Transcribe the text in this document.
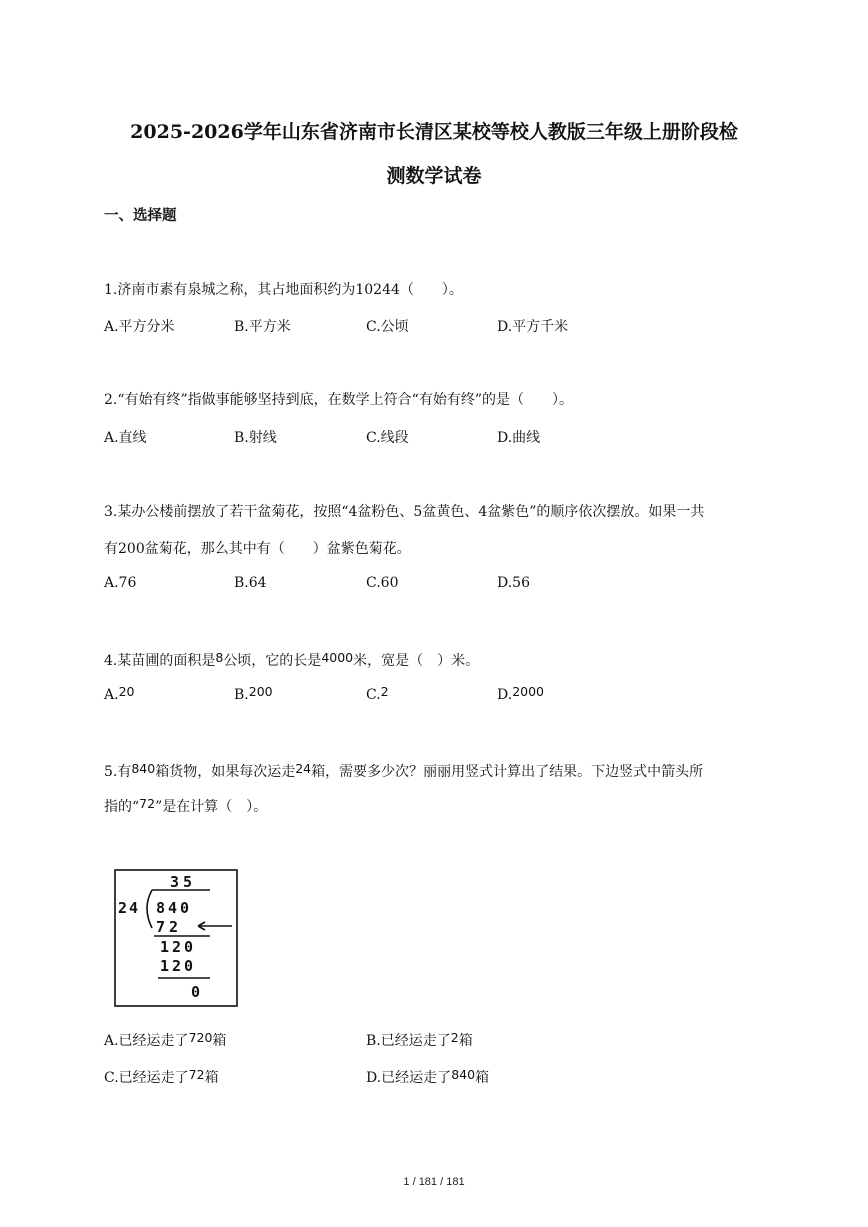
2025-2026学年山东省济南市长清区某校等校人教版三年级上册阶段检
测数学试卷
一、选择题
1.济南市素有泉城之称，其占地面积约为10244（　　）。
A.平方分米	B.平方米	C.公顷	D.平方千米
2.“有始有终”指做事能够坚持到底，在数学上符合“有始有终”的是（　　）。
A.直线	B.射线	C.线段	D.曲线
3.某办公楼前摆放了若干盆菊花，按照“4盆粉色、5盆黄色、4盆紫色”的顺序依次摆放。如果一共
有200盆菊花，那么其中有（　　）盆紫色菊花。
A.76	B.64	C.60	D.56
4.某苗圃的面积是8公顷，它的长是4000米，宽是（　）米。
A.20	B.200	C.2	D.2000
5.有840箱货物，如果每次运走24箱，需要多少次？丽丽用竖式计算出了结果。下边竖式中箭头所
指的“72”是在计算（　）。
35
24 840
72
120
120
0
A.已经运走了720箱	B.已经运走了2箱
C.已经运走了72箱	D.已经运走了840箱
1 / 181 / 181
